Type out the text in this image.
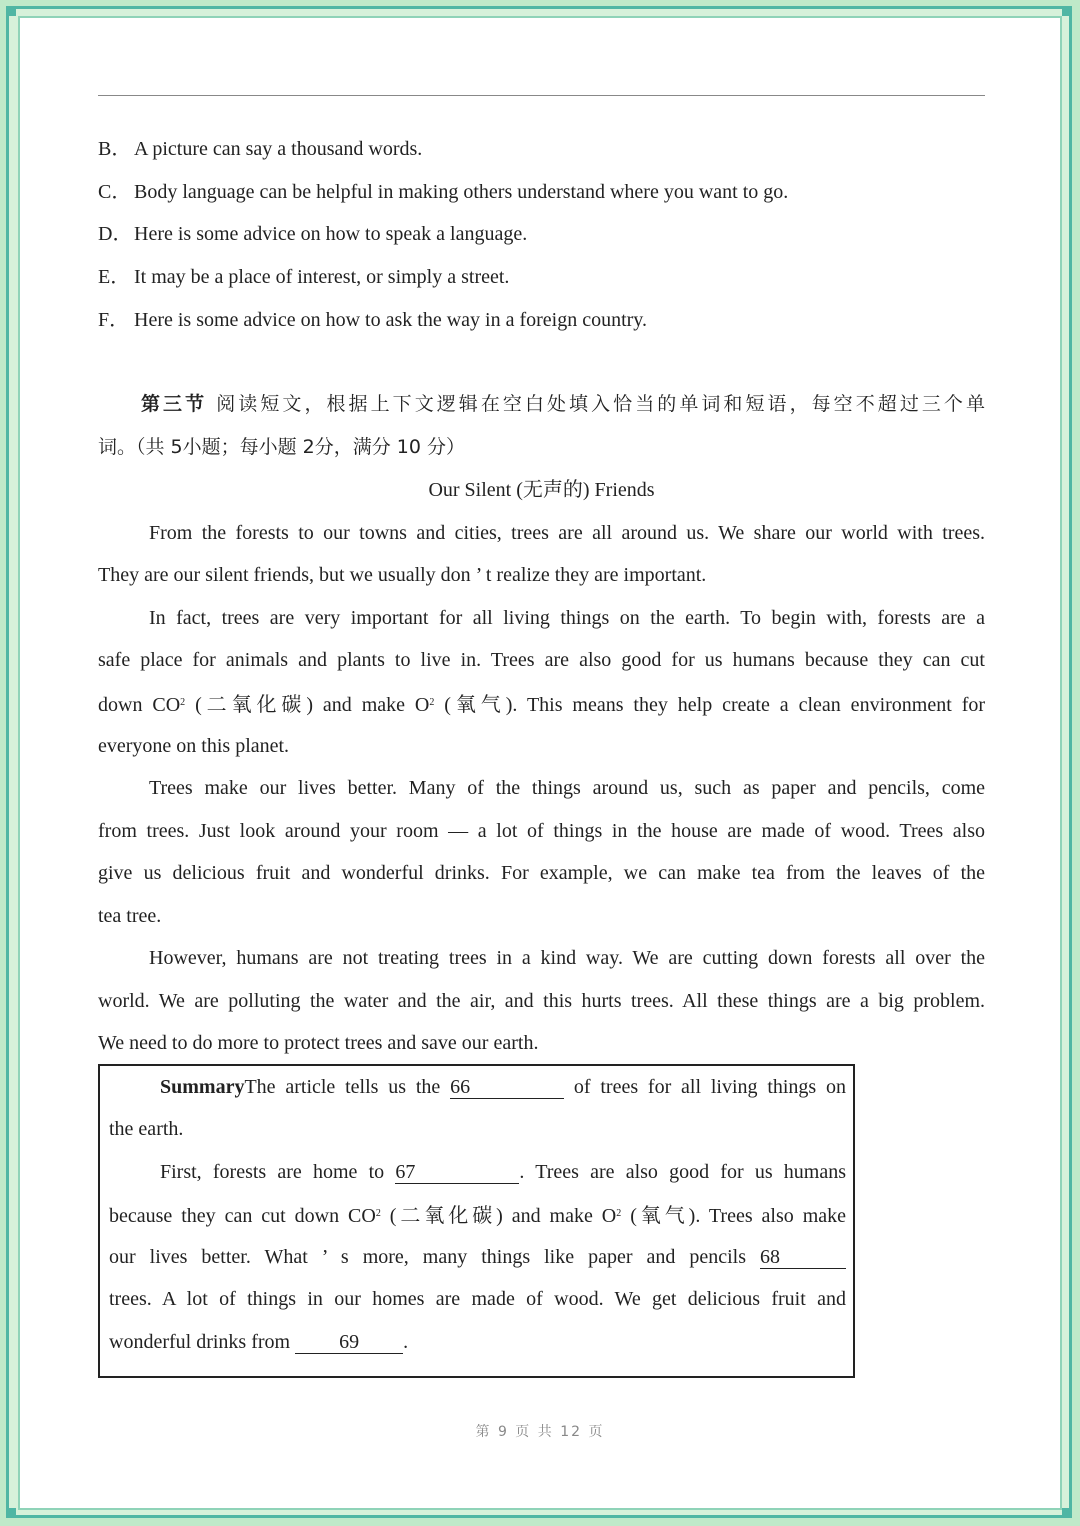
B． A picture can say a thousand words.
C． Body language can be helpful in making others understand where you want to go.
D．Here is some advice on how to speak a language.
E． It may be a place of interest, or simply a street.
F． Here is some advice on how to ask the way in a foreign country.
第三节 阅读短文，根据上下文逻辑在空白处填入恰当的单词和短语，每空不超过三个单
词。（共 5小题；每小题 2分，满分 10 分）
Our Silent (无声的) Friends
From the forests to our towns and cities, trees are all around us. We share our world with trees.
They are our silent friends, but we usually don ’ t realize they are important.
In fact, trees are very important for all living things on the earth. To begin with, forests are a
safe place for animals and plants to live in. Trees are also good for us humans because they can cut
down $CO_2$ (二氧化碳) and make $O_2$ (氧气). This means they help create a clean environment for
everyone on this planet.
Trees make our lives better. Many of the things around us, such as paper and pencils, come
from trees. Just look around your room — a lot of things in the house are made of wood. Trees also
give us delicious fruit and wonderful drinks. For example, we can make tea from the leaves of the
tea tree.
However, humans are not treating trees in a kind way. We are cutting down forests all over the
world. We are polluting the water and the air, and this hurts trees. All these things are a big problem.
We need to do more to protect trees and save our earth.
SummaryThe article tells us the 66	of trees for all living things on
the earth.
First, forests are home to 67	. Trees are also good for us humans
because they can cut down $CO_2$ (二氧化碳) and make $O_2$ (氧气). Trees also make
our lives better. What ’ s more, many things like paper and pencils 68
trees. A lot of things in our homes are made of wood. We get delicious fruit and
wonderful drinks from 69 .
第 9 页 共 12 页
